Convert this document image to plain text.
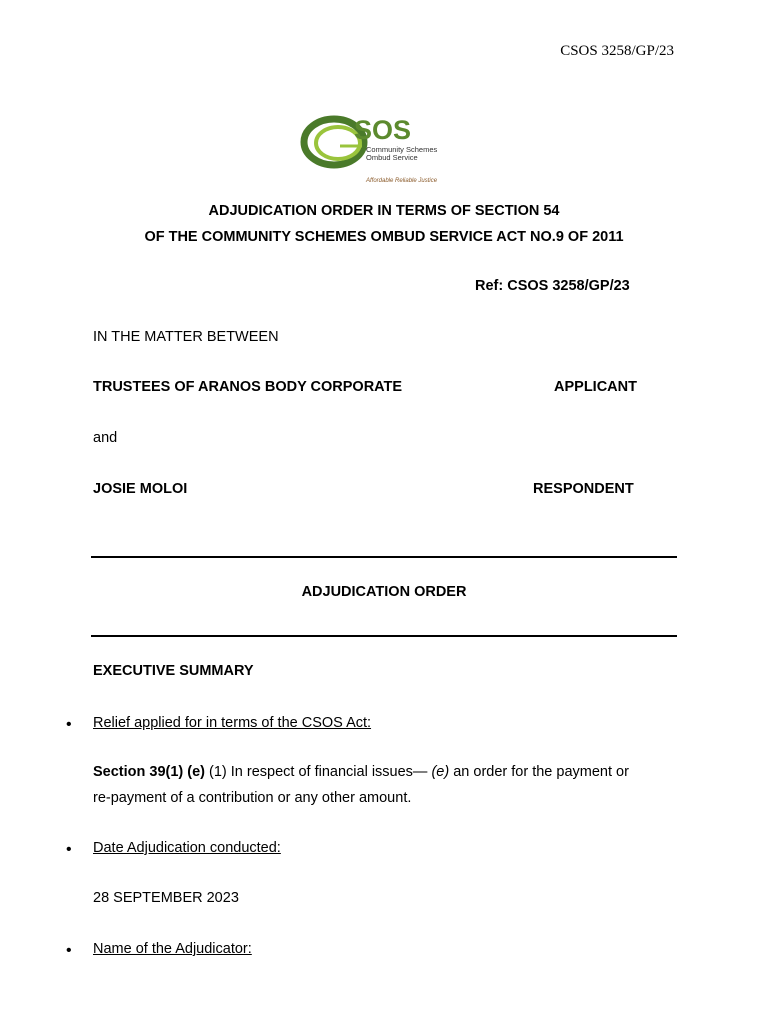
CSOS 3258/GP/23
SOS
Community Schemes
Ombud Service
Affordable Reliable Justice
ADJUDICATION ORDER IN TERMS OF SECTION 54
OF THE COMMUNITY SCHEMES OMBUD SERVICE ACT NO.9 OF 2011
Ref: CSOS 3258/GP/23
IN THE MATTER BETWEEN
TRUSTEES OF ARANOS BODY CORPORATE	APPLICANT
and
JOSIE MOLOI	RESPONDENT
ADJUDICATION ORDER
EXECUTIVE SUMMARY
• Relief applied for in terms of the CSOS Act:
Section 39(1) (e) (1) In respect of financial issues— (e) an order for the payment or
re-payment of a contribution or any other amount.
• Date Adjudication conducted:
28 SEPTEMBER 2023
• Name of the Adjudicator:
